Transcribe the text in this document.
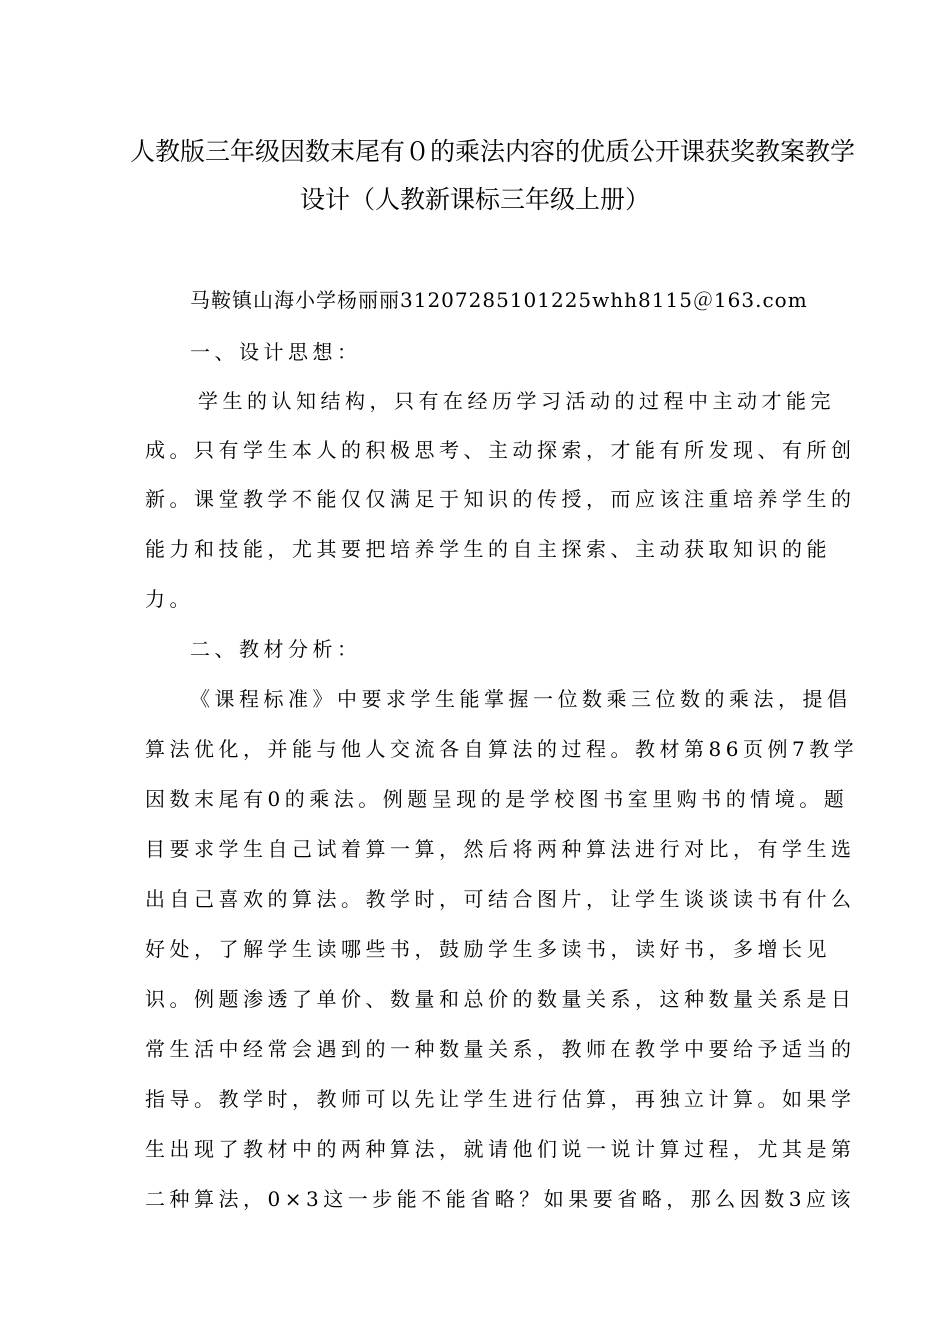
人教版三年级因数末尾有０的乘法内容的优质公开课获奖教案教学
设计（人教新课标三年级上册）
马鞍镇山海小学杨丽丽31207285101225whh8115＠163.com
一、设计思想：
学生的认知结构，只有在经历学习活动的过程中主动才能完
成。只有学生本人的积极思考、主动探索，才能有所发现、有所创
新。课堂教学不能仅仅满足于知识的传授，而应该注重培养学生的
能力和技能，尤其要把培养学生的自主探索、主动获取知识的能
力。
二、教材分析：
《课程标准》中要求学生能掌握一位数乘三位数的乘法，提倡
算法优化，并能与他人交流各自算法的过程。教材第86页例7教学
因数末尾有0的乘法。例题呈现的是学校图书室里购书的情境。题
目要求学生自己试着算一算，然后将两种算法进行对比，有学生选
出自己喜欢的算法。教学时，可结合图片，让学生谈谈读书有什么
好处，了解学生读哪些书，鼓励学生多读书，读好书，多增长见
识。例题渗透了单价、数量和总价的数量关系，这种数量关系是日
常生活中经常会遇到的一种数量关系，教师在教学中要给予适当的
指导。教学时，教师可以先让学生进行估算，再独立计算。如果学
生出现了教材中的两种算法，就请他们说一说计算过程，尤其是第
二种算法，0×3这一步能不能省略？如果要省略，那么因数3应该
